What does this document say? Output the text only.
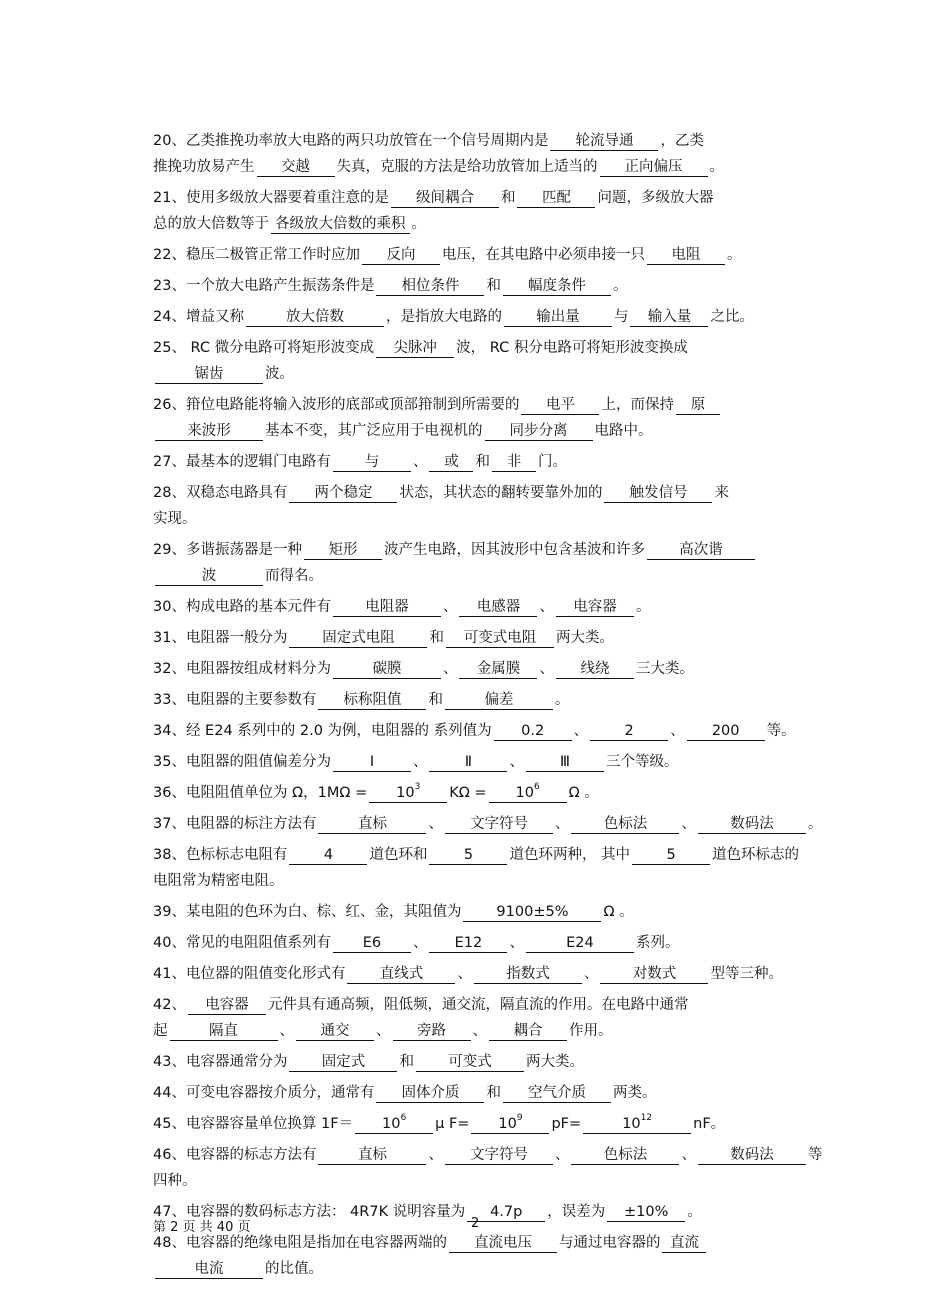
20、乙类推挽功率放大电路的两只功放管在一个信号周期内是 轮流导通 ，乙类
推挽功放易产生 交越 失真，克服的方法是给功放管加上适当的 正向偏压 。
21、使用多级放大器要着重注意的是 级间耦合 和 匹配 问题，多级放大器
总的放大倍数等于 各级放大倍数的乘积 。
22、稳压二极管正常工作时应加 反向 电压，在其电路中必须串接一只 电阻 。
23、一个放大电路产生振荡条件是 相位条件 和 幅度条件 。
24、增益又称	放大倍数	，是指放大电路的 输出量 与 输入量 之比。
25、 RC 微分电路可将矩形波变成 尖脉冲 波， RC 积分电路可将矩形波变换成
锯齿	波。
26、箝位电路能将输入波形的底部或顶部箝制到所需要的 电平 上，而保持 原
来波形 基本不变，其广泛应用于电视机的 同步分离 电路中。
27、最基本的逻辑门电路有 与 、 或 和 非 门。
28、双稳态电路具有 两个稳定 状态，其状态的翻转要靠外加的 触发信号 来
实现。
29、多谐振荡器是一种 矩形 波产生电路，因其波形中包含基波和许多 高次谐
波	而得名。
30、构成电路的基本元件有 电阻器 、 电感器 、 电容器 。
31、电阻器一般分为 固定式电阻 和 可变式电阻 两大类。
32、电阻器按组成材料分为	碳膜	、 金属膜 、 线绕 三大类。
33、电阻器的主要参数有 标称阻值 和	偏差	。
34、经 E24 系列中的 2.0 为例，电阻器的 系列值为 0.2 、	2	、 200 等。
35、电阻器的阻值偏差分为	Ⅰ	、	Ⅱ	、 Ⅲ 三个等级。
36、电阻阻值单位为 Ω，$1M\Omega = 10^3$ $K\Omega = 10^6$ Ω 。
37、电阻器的标注方法有	直标	、 文字符号 、 色标法 、 数码法 。
38、色标标志电阻有	4	道色环和	5	道色环两种， 其中	5	道色环标志的
电阻常为精密电阻。
39、某电阻的色环为白、棕、红、金，其阻值为 9100±5% Ω 。
40、常见的电阻阻值系列有 E6 、 E12 、	E24	系列。
41、电位器的阻值变化形式有 直线式 、 指数式 、 对数式 型等三种。
42、 电容器 元件具有通高频，阻低频，通交流，隔直流的作用。在电路中通常
起	隔直	、 通交 、 旁路 、 耦合 作用。
43、电容器通常分为 固定式 和 可变式 两大类。
44、可变电容器按介质分，通常有 固体介质 和 空气介质 两类。
45、电容器容量单位换算 $1F= 10^6$ μ $F= 10^9$ pF=	$10^{12}$	nF。
46、电容器的标志方法有	直标	、 文字符号 、 色标法 、 数码法 等
四种。
47、电容器的数码标志方法： 4R7K 说明容量为 4.7p ，误差为 ±10% 。
48、电容器的绝缘电阻是指加在电容器两端的 直流电压 与通过电容器的 直流
电流	的比值。
第 2 页 共 40 页	2
